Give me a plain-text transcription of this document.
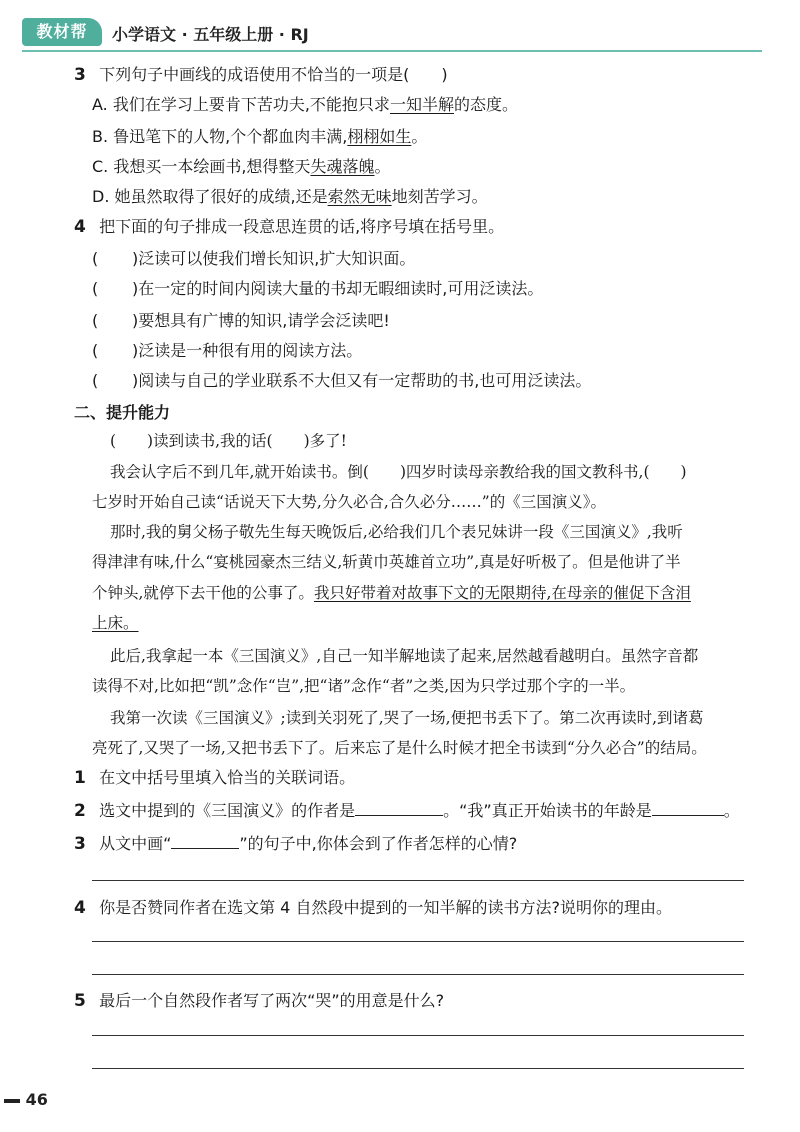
教材帮	小学语文 · 五年级上册 · RJ
3 下列句子中画线的成语使用不恰当的一项是(　　)
A. 我们在学习上要肯下苦功夫,不能抱只求一知半解的态度。
B. 鲁迅笔下的人物,个个都血肉丰满,栩栩如生。
C. 我想买一本绘画书,想得整天失魂落魄。
D. 她虽然取得了很好的成绩,还是索然无味地刻苦学习。
4 把下面的句子排成一段意思连贯的话,将序号填在括号里。
( )泛读可以使我们增长知识,扩大知识面。
( )在一定的时间内阅读大量的书却无暇细读时,可用泛读法。
( )要想具有广博的知识,请学会泛读吧!
( )泛读是一种很有用的阅读方法。
( )阅读与自己的学业联系不大但又有一定帮助的书,也可用泛读法。
二、提升能力
(　　)读到读书,我的话(　　)多了!
我会认字后不到几年,就开始读书。倒(　　)四岁时读母亲教给我的国文教科书,(　　)
七岁时开始自己读“话说天下大势,分久必合,合久必分……”的《三国演义》。
那时,我的舅父杨子敬先生每天晚饭后,必给我们几个表兄妹讲一段《三国演义》,我听
得津津有味,什么“宴桃园豪杰三结义,斩黄巾英雄首立功”,真是好听极了。但是他讲了半
个钟头,就停下去干他的公事了。我只好带着对故事下文的无限期待,在母亲的催促下含泪
上床。
此后,我拿起一本《三国演义》,自己一知半解地读了起来,居然越看越明白。虽然字音都
读得不对,比如把“凯”念作“岂”,把“诸”念作“者”之类,因为只学过那个字的一半。
我第一次读《三国演义》;读到关羽死了,哭了一场,便把书丢下了。第二次再读时,到诸葛
亮死了,又哭了一场,又把书丢下了。后来忘了是什么时候才把全书读到“分久必合”的结局。
1 在文中括号里填入恰当的关联词语。
2 选文中提到的《三国演义》的作者是	。“我”真正开始读书的年龄是	。
3 从文中画“	”的句子中,你体会到了作者怎样的心情?
4 你是否赞同作者在选文第 4 自然段中提到的一知半解的读书方法?说明你的理由。
5 最后一个自然段作者写了两次“哭”的用意是什么?
46
